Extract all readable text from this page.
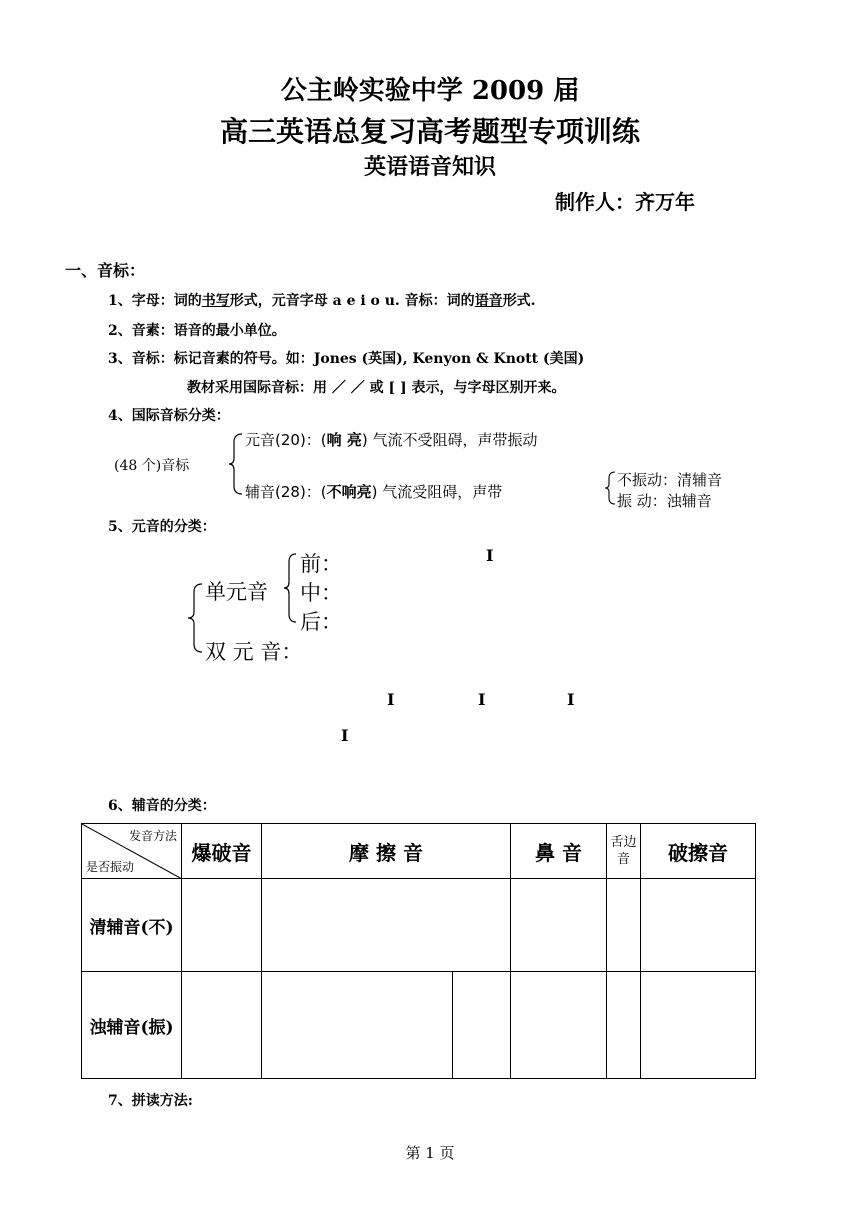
公主岭实验中学 2009 届
高三英语总复习高考题型专项训练
英语语音知识
制作人：齐万年
一、音标：
1、字母：词的书写形式，元音字母 a e i o u. 音标：词的语音形式.
2、音素：语音的最小单位。
3、音标：标记音素的符号。如：Jones (英国), Kenyon & Knott (美国)
教材采用国际音标：用 ／ ／ 或 [ ] 表示，与字母区别开来。
4、国际音标分类：
(48 个)音标
元音(20)：(响 亮) 气流不受阻碍，声带振动
辅音(28)：(不响亮) 气流受阻碍，声带
不振动：清辅音
振 动：浊辅音
5、元音的分类：
单元音
前：
中：
后：
双 元 音：
I
I	I	I
I
6、辅音的分类：
发音方法
是否振动	爆破音	摩 擦 音		鼻 音	舌边音	破擦音
清辅音(不)						
浊辅音(振)						
7、拼读方法:
第 1 页
